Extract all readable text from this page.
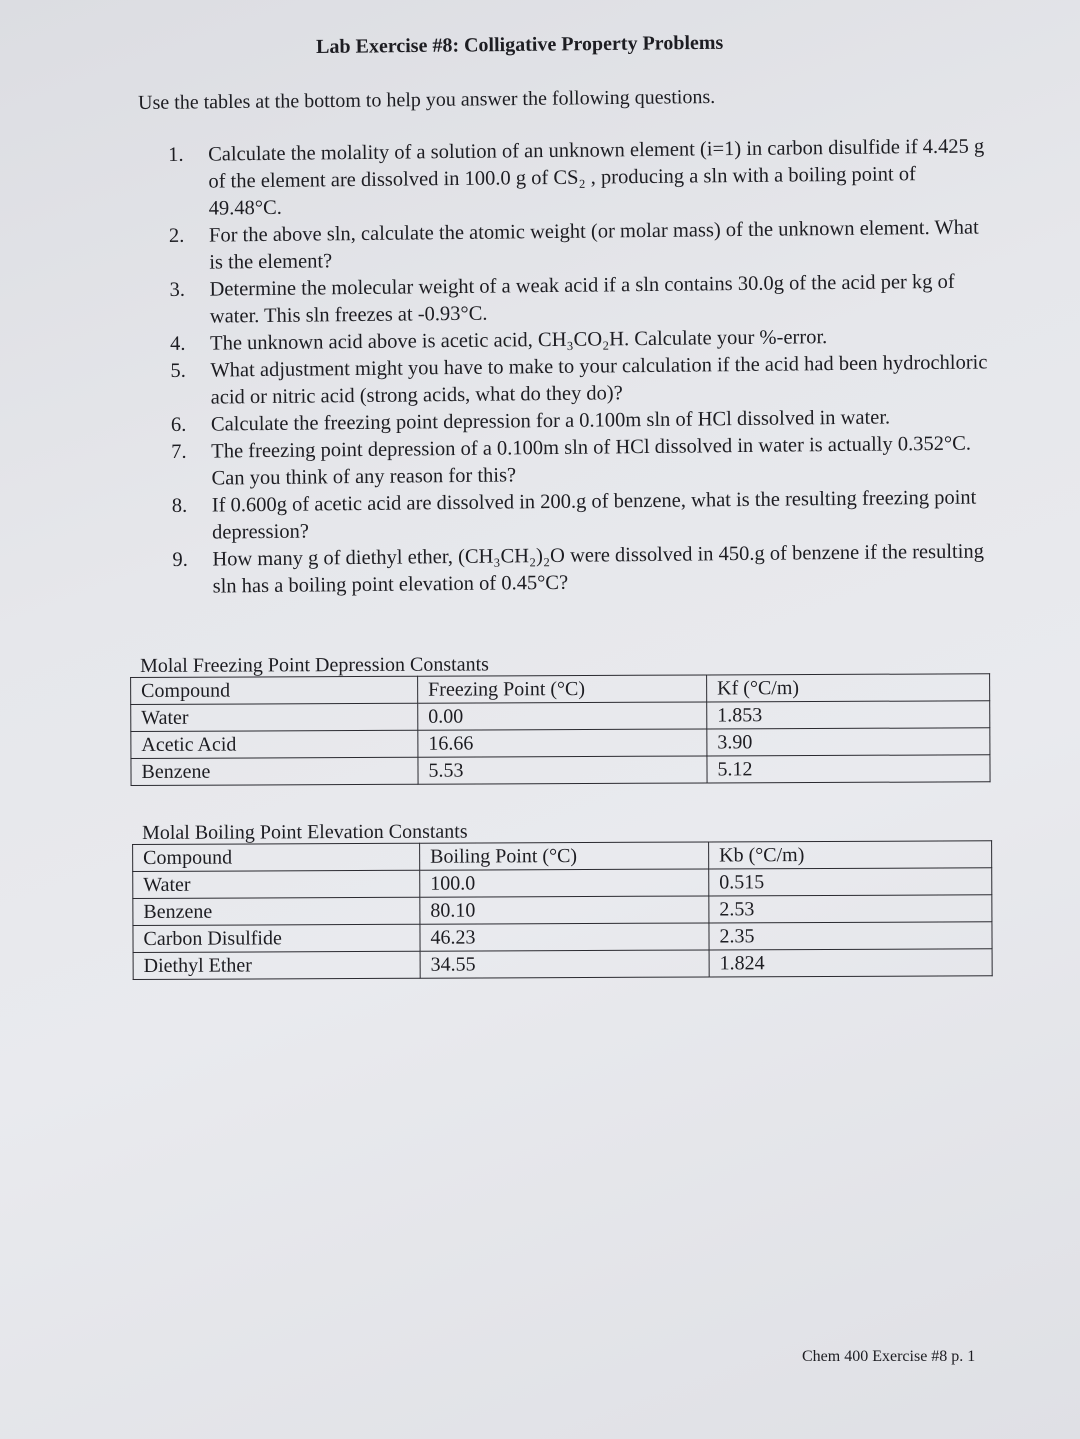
Lab Exercise #8: Colligative Property Problems
Use the tables at the bottom to help you answer the following questions.
1.	Calculate the molality of a solution of an unknown element (i=1) in carbon disulfide if 4.425 g of the element are dissolved in 100.0 g of CS₂ , producing a sln with a boiling point of 49.48°C.
2.	For the above sln, calculate the atomic weight (or molar mass) of the unknown element. What is the element?
3.	Determine the molecular weight of a weak acid if a sln contains 30.0g of the acid per kg of water. This sln freezes at -0.93°C.
4.	The unknown acid above is acetic acid, CH₃CO₂H. Calculate your %-error.
5.	What adjustment might you have to make to your calculation if the acid had been hydrochloric acid or nitric acid (strong acids, what do they do)?
6.	Calculate the freezing point depression for a 0.100m sln of HCl dissolved in water.
7.	The freezing point depression of a 0.100m sln of HCl dissolved in water is actually 0.352°C. Can you think of any reason for this?
8.	If 0.600g of acetic acid are dissolved in 200.g of benzene, what is the resulting freezing point depression?
9.	How many g of diethyl ether, (CH₃CH₂)₂O were dissolved in 450.g of benzene if the resulting sln has a boiling point elevation of 0.45°C?
Molal Freezing Point Depression Constants
Compound	Freezing Point (°C)	Kf (°C/m)
Water	0.00	1.853
Acetic Acid	16.66	3.90
Benzene	5.53	5.12
Molal Boiling Point Elevation Constants
Compound	Boiling Point (°C)	Kb (°C/m)
Water	100.0	0.515
Benzene	80.10	2.53
Carbon Disulfide	46.23	2.35
Diethyl Ether	34.55	1.824
Chem 400 Exercise #8 p. 1
